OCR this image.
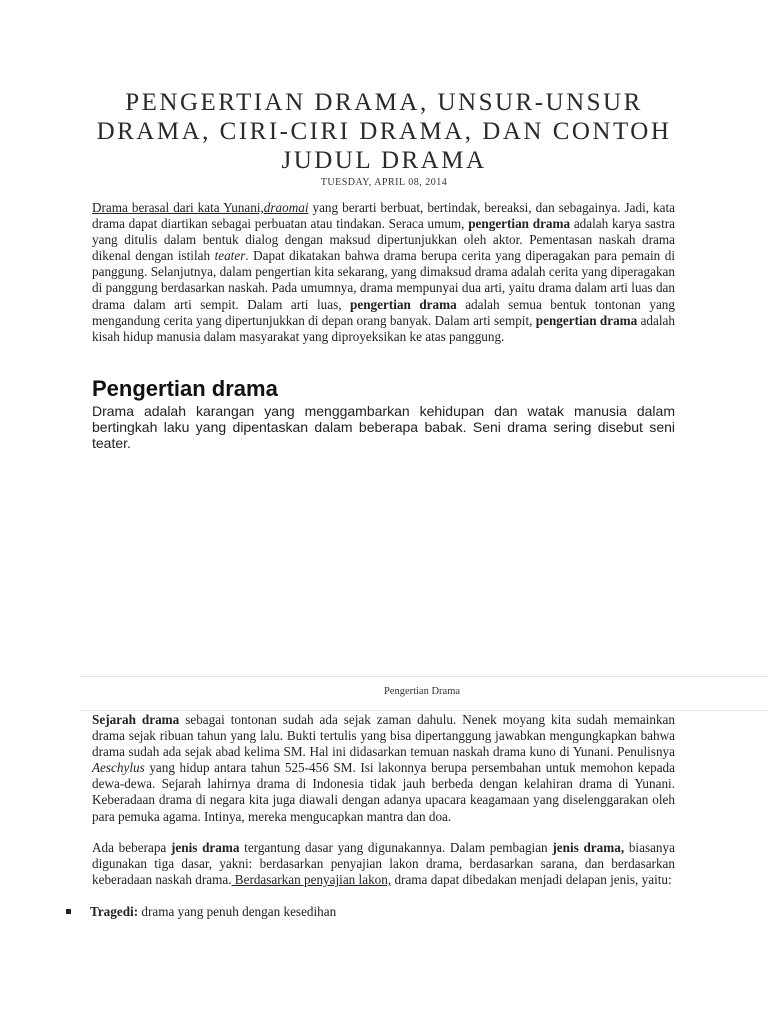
PENGERTIAN DRAMA, UNSUR-UNSUR DRAMA, CIRI-CIRI DRAMA, DAN CONTOH JUDUL DRAMA
TUESDAY, APRIL 08, 2014

Drama berasal dari kata Yunani,draomai yang berarti berbuat, bertindak, bereaksi, dan sebagainya. Jadi, kata drama dapat diartikan sebagai perbuatan atau tindakan. Seraca umum, pengertian drama adalah karya sastra yang ditulis dalam bentuk dialog dengan maksud dipertunjukkan oleh aktor. Pementasan naskah drama dikenal dengan istilah teater. Dapat dikatakan bahwa drama berupa cerita yang diperagakan para pemain di panggung. Selanjutnya, dalam pengertian kita sekarang, yang dimaksud drama adalah cerita yang diperagakan di panggung berdasarkan naskah. Pada umumnya, drama mempunyai dua arti, yaitu drama dalam arti luas dan drama dalam arti sempit. Dalam arti luas, pengertian drama adalah semua bentuk tontonan yang mengandung cerita yang dipertunjukkan di depan orang banyak. Dalam arti sempit, pengertian drama adalah kisah hidup manusia dalam masyarakat yang diproyeksikan ke atas panggung.

Pengertian drama

Drama adalah karangan yang menggambarkan kehidupan dan watak manusia dalam bertingkah laku yang dipentaskan dalam beberapa babak. Seni drama sering disebut seni teater.

Pengertian Drama

Sejarah drama sebagai tontonan sudah ada sejak zaman dahulu. Nenek moyang kita sudah memainkan drama sejak ribuan tahun yang lalu. Bukti tertulis yang bisa dipertanggung jawabkan mengungkapkan bahwa drama sudah ada sejak abad kelima SM. Hal ini didasarkan temuan naskah drama kuno di Yunani. Penulisnya Aeschylus yang hidup antara tahun 525-456 SM. Isi lakonnya berupa persembahan untuk memohon kepada dewa-dewa. Sejarah lahirnya drama di Indonesia tidak jauh berbeda dengan kelahiran drama di Yunani. Keberadaan drama di negara kita juga diawali dengan adanya upacara keagamaan yang diselenggarakan oleh para pemuka agama. Intinya, mereka mengucapkan mantra dan doa.

Ada beberapa jenis drama tergantung dasar yang digunakannya. Dalam pembagian jenis drama, biasanya digunakan tiga dasar, yakni: berdasarkan penyajian lakon drama, berdasarkan sarana, dan berdasarkan keberadaan naskah drama. Berdasarkan penyajian lakon, drama dapat dibedakan menjadi delapan jenis, yaitu:

Tragedi: drama yang penuh dengan kesedihan
